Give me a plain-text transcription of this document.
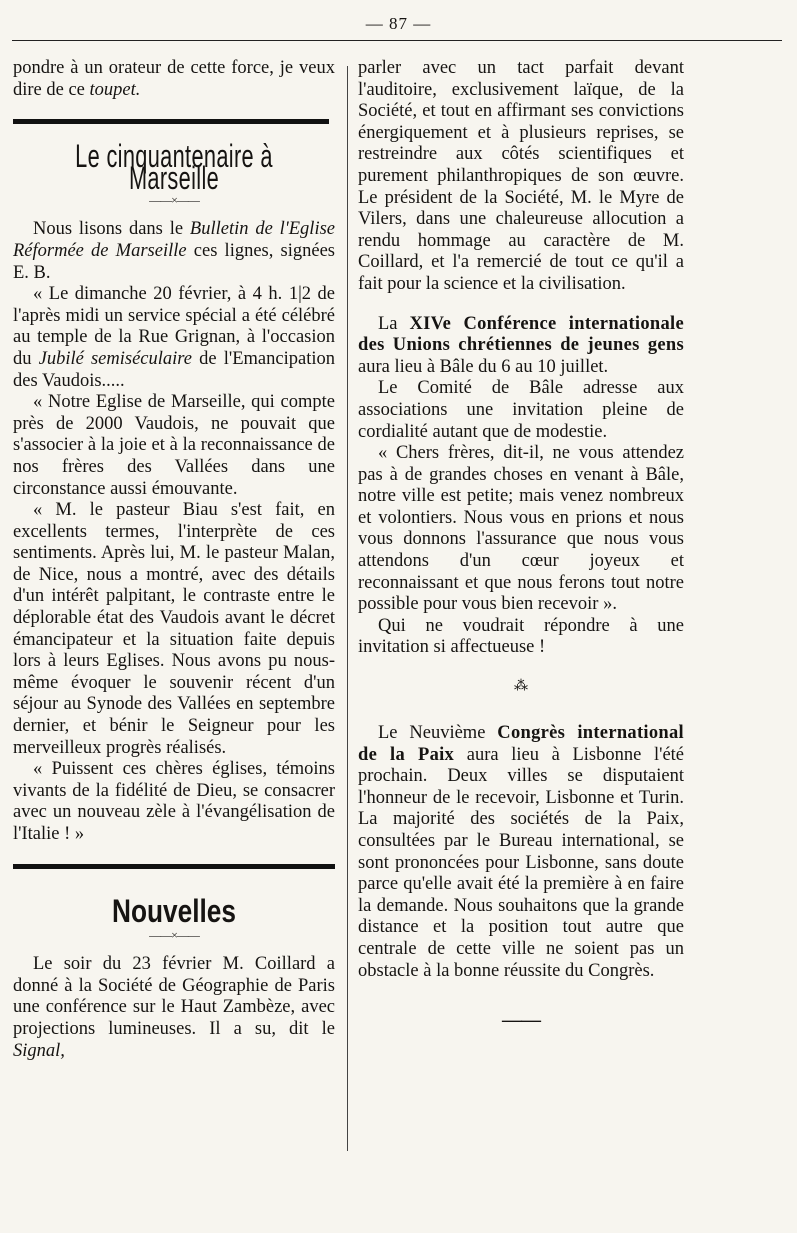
— 87 —

pondre à un orateur de cette force, je veux dire de ce toupet.

Le cinquantenaire à Marseille
——×——

Nous lisons dans le Bulletin de l'Eglise Réformée de Marseille ces lignes, signées E. B.

« Le dimanche 20 février, à 4 h. 1|2 de l'après midi un service spécial a été célébré au temple de la Rue Grignan, à l'occasion du Jubilé semiséculaire de l'Emancipation des Vaudois.....

« Notre Eglise de Marseille, qui compte près de 2000 Vaudois, ne pouvait que s'associer à la joie et à la reconnaissance de nos frères des Vallées dans une circonstance aussi émouvante.

« M. le pasteur Biau s'est fait, en excellents termes, l'interprète de ces sentiments. Après lui, M. le pasteur Malan, de Nice, nous a montré, avec des détails d'un intérêt palpitant, le contraste entre le déplorable état des Vaudois avant le décret émancipateur et la situation faite depuis lors à leurs Eglises. Nous avons pu nous-même évoquer le souvenir récent d'un séjour au Synode des Vallées en septembre dernier, et bénir le Seigneur pour les merveilleux progrès réalisés.

« Puissent ces chères églises, témoins vivants de la fidélité de Dieu, se consacrer avec un nouveau zèle à l'évangélisation de l'Italie ! »

Nouvelles
——×——

Le soir du 23 février M. Coillard a donné à la Société de Géographie de Paris une conférence sur le Haut Zambèze, avec projections lumineuses. Il a su, dit le Signal,

parler avec un tact parfait devant l'auditoire, exclusivement laïque, de la Société, et tout en affirmant ses convictions énergiquement et à plusieurs reprises, se restreindre aux côtés scientifiques et purement philanthropiques de son œuvre. Le président de la Société, M. le Myre de Vilers, dans une chaleureuse allocution a rendu hommage au caractère de M. Coillard, et l'a remercié de tout ce qu'il a fait pour la science et la civilisation.

La XIVe Conférence internationale des Unions chrétiennes de jeunes gens aura lieu à Bâle du 6 au 10 juillet.

Le Comité de Bâle adresse aux associations une invitation pleine de cordialité autant que de modestie.

« Chers frères, dit-il, ne vous attendez pas à de grandes choses en venant à Bâle, notre ville est petite; mais venez nombreux et volontiers. Nous vous en prions et nous vous donnons l'assurance que nous vous attendons d'un cœur joyeux et reconnaissant et que nous ferons tout notre possible pour vous bien recevoir ».

Qui ne voudrait répondre à une invitation si affectueuse !

⁂

Le Neuvième Congrès international de la Paix aura lieu à Lisbonne l'été prochain. Deux villes se disputaient l'honneur de le recevoir, Lisbonne et Turin. La majorité des sociétés de la Paix, consultées par le Bureau international, se sont prononcées pour Lisbonne, sans doute parce qu'elle avait été la première à en faire la demande. Nous souhaitons que la grande distance et la position tout autre que centrale de cette ville ne soient pas un obstacle à la bonne réussite du Congrès.

——
